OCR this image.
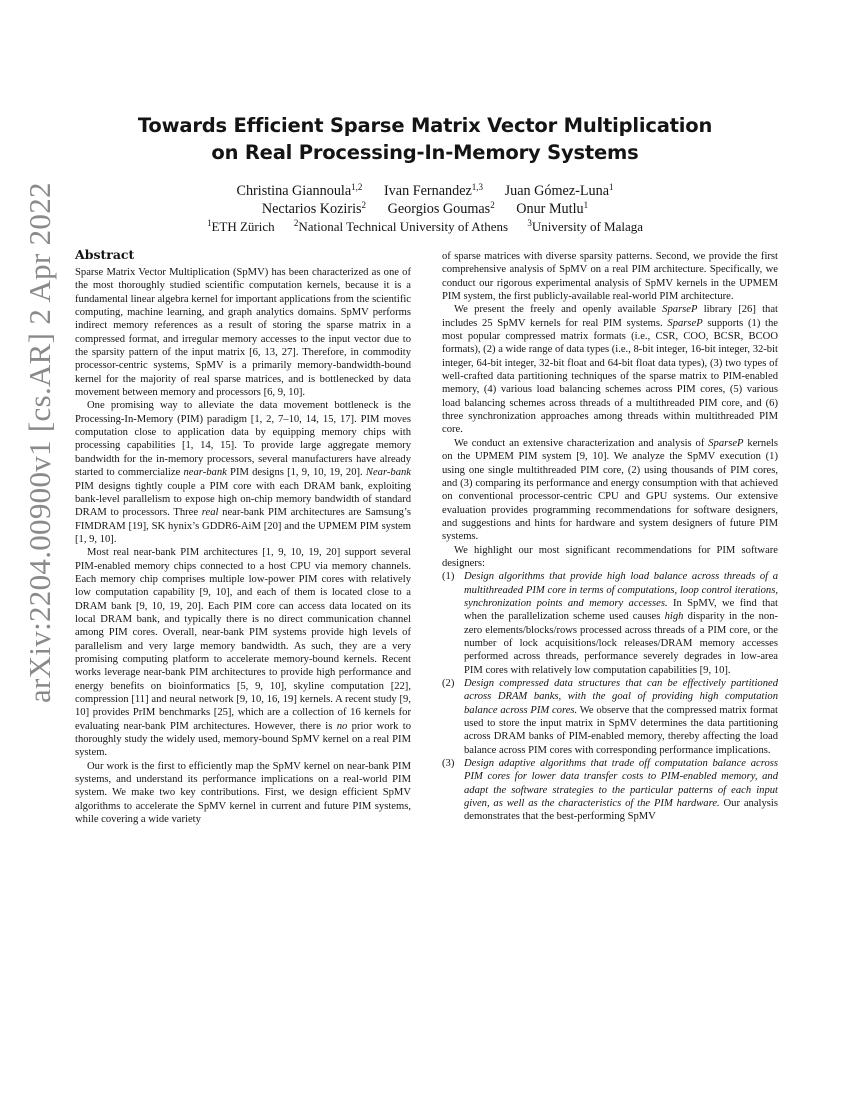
arXiv:2204.00900v1 [cs.AR] 2 Apr 2022
Towards Efficient Sparse Matrix Vector Multiplication
on Real Processing-In-Memory Systems
Christina Giannoula$^{1,2}$ Ivan Fernandez$^{1,3}$ Juan Gómez-Luna$^1$
Nectarios Koziris$^2$ Georgios Goumas$^2$ Onur Mutlu$^1$
$^1$ETH Zürich $^2$National Technical University of Athens $^3$University of Malaga
Abstract

Sparse Matrix Vector Multiplication (SpMV) has been characterized as one of the most thoroughly studied scientific computation kernels, because it is a fundamental linear algebra kernel for important applications from the scientific computing, machine learning, and graph analytics domains. SpMV performs indirect memory references as a result of storing the sparse matrix in a compressed format, and irregular memory accesses to the input vector due to the sparsity pattern of the input matrix [6, 13, 27]. Therefore, in commodity processor-centric systems, SpMV is a primarily memory-bandwidth-bound kernel for the majority of real sparse matrices, and is bottlenecked by data movement between memory and processors [6, 9, 10].

One promising way to alleviate the data movement bottleneck is the Processing-In-Memory (PIM) paradigm [1, 2, 7–10, 14, 15, 17]. PIM moves computation close to application data by equipping memory chips with processing capabilities [1, 14, 15]. To provide large aggregate memory bandwidth for the in-memory processors, several manufacturers have already started to commercialize near-bank PIM designs [1, 9, 10, 19, 20]. Near-bank PIM designs tightly couple a PIM core with each DRAM bank, exploiting bank-level parallelism to expose high on-chip memory bandwidth of standard DRAM to processors. Three real near-bank PIM architectures are Samsung’s FIMDRAM [19], SK hynix’s GDDR6-AiM [20] and the UPMEM PIM system [1, 9, 10].

Most real near-bank PIM architectures [1, 9, 10, 19, 20] support several PIM-enabled memory chips connected to a host CPU via memory channels. Each memory chip comprises multiple low-power PIM cores with relatively low computation capability [9, 10], and each of them is located close to a DRAM bank [9, 10, 19, 20]. Each PIM core can access data located on its local DRAM bank, and typically there is no direct communication channel among PIM cores. Overall, near-bank PIM systems provide high levels of parallelism and very large memory bandwidth. As such, they are a very promising computing platform to accelerate memory-bound kernels. Recent works leverage near-bank PIM architectures to provide high performance and energy benefits on bioinformatics [5, 9, 10], skyline computation [22], compression [11] and neural network [9, 10, 16, 19] kernels. A recent study [9, 10] provides PrIM benchmarks [25], which are a collection of 16 kernels for evaluating near-bank PIM architectures. However, there is no prior work to thoroughly study the widely used, memory-bound SpMV kernel on a real PIM system.

Our work is the first to efficiently map the SpMV kernel on near-bank PIM systems, and understand its performance implications on a real-world PIM system. We make two key contributions. First, we design efficient SpMV algorithms to accelerate the SpMV kernel in current and future PIM systems, while covering a wide variety

of sparse matrices with diverse sparsity patterns. Second, we provide the first comprehensive analysis of SpMV on a real PIM architecture. Specifically, we conduct our rigorous experimental analysis of SpMV kernels in the UPMEM PIM system, the first publicly-available real-world PIM architecture.

We present the freely and openly available SparseP library [26] that includes 25 SpMV kernels for real PIM systems. SparseP supports (1) the most popular compressed matrix formats (i.e., CSR, COO, BCSR, BCOO formats), (2) a wide range of data types (i.e., 8-bit integer, 16-bit integer, 32-bit integer, 64-bit integer, 32-bit float and 64-bit float data types), (3) two types of well-crafted data partitioning techniques of the sparse matrix to PIM-enabled memory, (4) various load balancing schemes across PIM cores, (5) various load balancing schemes across threads of a multithreaded PIM core, and (6) three synchronization approaches among threads within multithreaded PIM core.

We conduct an extensive characterization and analysis of SparseP kernels on the UPMEM PIM system [9, 10]. We analyze the SpMV execution (1) using one single multithreaded PIM core, (2) using thousands of PIM cores, and (3) comparing its performance and energy consumption with that achieved on conventional processor-centric CPU and GPU systems. Our extensive evaluation provides programming recommendations for software designers, and suggestions and hints for hardware and system designers of future PIM systems.

We highlight our most significant recommendations for PIM software designers:

(1) Design algorithms that provide high load balance across threads of a multithreaded PIM core in terms of computations, loop control iterations, synchronization points and memory accesses. In SpMV, we find that when the parallelization scheme used causes high disparity in the non-zero elements/blocks/rows processed across threads of a PIM core, or the number of lock acquisitions/lock releases/DRAM memory accesses performed across threads, performance severely degrades in low-area PIM cores with relatively low computation capabilities [9, 10].
(2) Design compressed data structures that can be effectively partitioned across DRAM banks, with the goal of providing high computation balance across PIM cores. We observe that the compressed matrix format used to store the input matrix in SpMV determines the data partitioning across DRAM banks of PIM-enabled memory, thereby affecting the load balance across PIM cores with corresponding performance implications.
(3) Design adaptive algorithms that trade off computation balance across PIM cores for lower data transfer costs to PIM-enabled memory, and adapt the software strategies to the particular patterns of each input given, as well as the characteristics of the PIM hardware. Our analysis demonstrates that the best-performing SpMV
